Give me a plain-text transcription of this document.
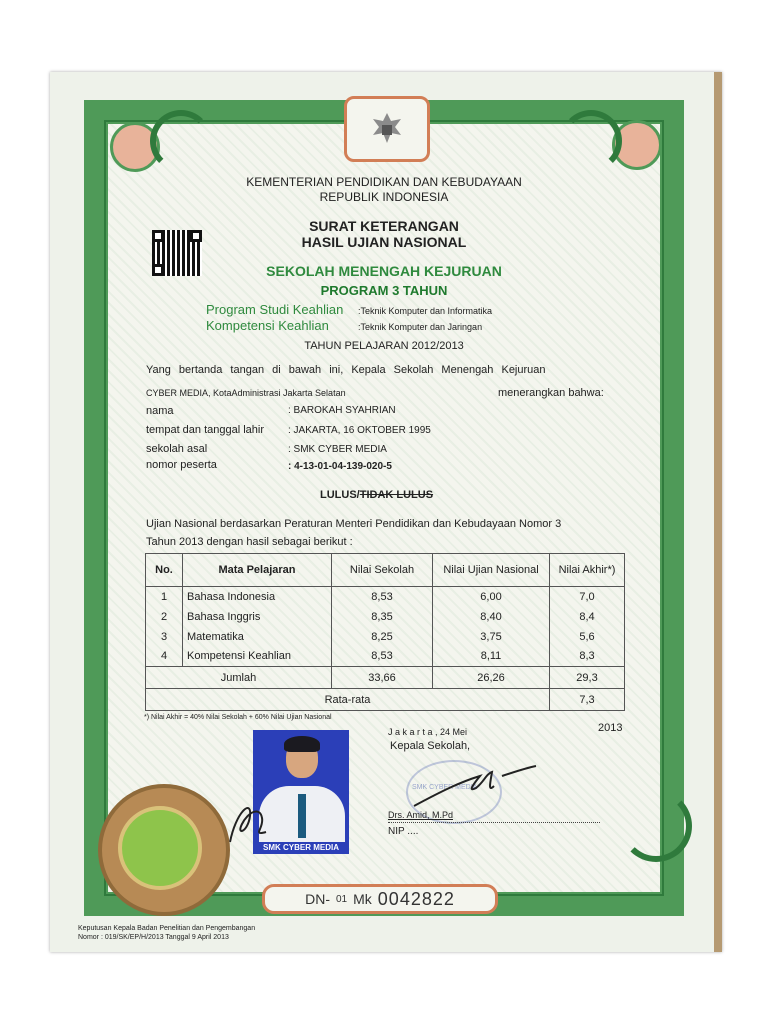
KEMENTERIAN PENDIDIKAN DAN KEBUDAYAAN
REPUBLIK INDONESIA
SURAT KETERANGAN
HASIL UJIAN NASIONAL
SEKOLAH MENENGAH KEJURUAN
PROGRAM 3 TAHUN
Program Studi Keahlian :Teknik Komputer dan Informatika
Kompetensi Keahlian	:Teknik Komputer dan Jaringan
TAHUN PELAJARAN 2012/2013
Yang bertanda tangan di bawah ini, Kepala Sekolah Menengah Kejuruan
CYBER MEDIA, KotaAdministrasi Jakarta Selatan	menerangkan bahwa:
nama	: BAROKAH SYAHRIAN
tempat dan tanggal lahir : JAKARTA, 16 OKTOBER 1995
sekolah asal	: SMK CYBER MEDIA
nomor peserta	: 4-13-01-04-139-020-5
LULUS/TIDAK LULUS
Ujian Nasional berdasarkan Peraturan Menteri Pendidikan dan Kebudayaan Nomor 3
Tahun 2013 dengan hasil sebagai berikut :
No.	Mata Pelajaran	Nilai Sekolah	Nilai Ujian Nasional	Nilai Akhir*)
1	Bahasa Indonesia	8,53	6,00	7,0
2	Bahasa Inggris	8,35	8,40	8,4
3	Matematika	8,25	3,75	5,6
4	Kompetensi Keahlian	8,53	8,11	8,3
Jumlah		33,66	26,26	29,3
Rata-rata				7,3
*) Nilai Akhir = 40% Nilai Sekolah + 60% Nilai Ujian Nasional
J a k a r t a , 24 Mei	2013
Kepala Sekolah,
SMK CYBER MEDIA
Drs. Amid, M.Pd
NIP ....
SMK CYBER MEDIA
DN- 01 Mk 0042822
Keputusan Kepala Badan Penelitian dan Pengembangan
Nomor : 019/SK/EP/H/2013 Tanggal 9 April 2013
